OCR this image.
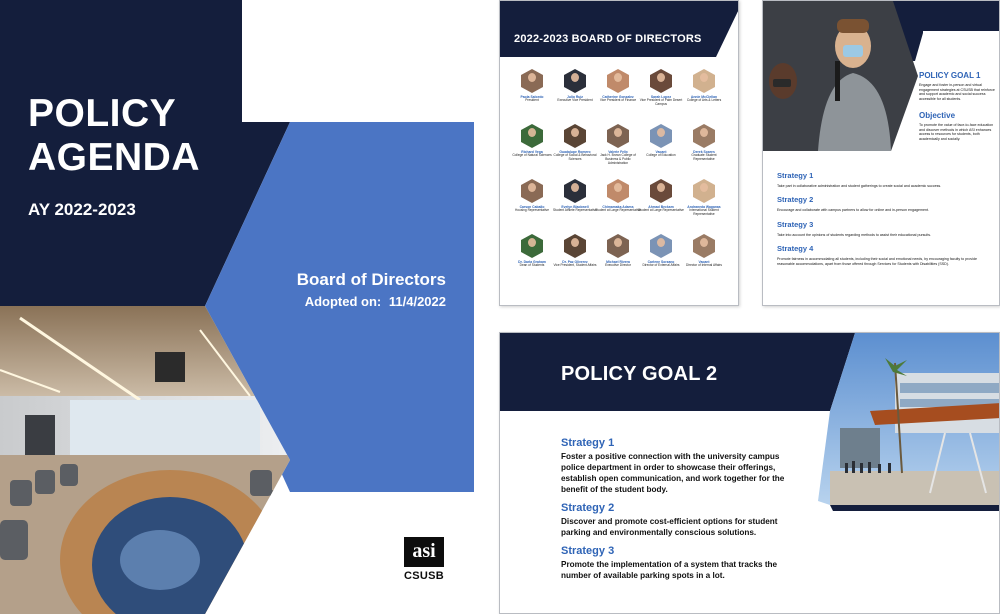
POLICY
AGENDA
AY 2022-2023
Board of Directors
Adopted on: 11/4/2022
asi
CSUSB
2022-2023 BOARD OF DIRECTORS
Paola Salcedo
President
Julio Ruiz
Executive Vice President
Catherine Gonzalez
Vice President of Finance
Sarah Lopez
Vice President of Palm Desert Campus
Annie McClellan
College of Arts & Letters
Richard Vega
College of Natural Sciences
Guadalupe Romero
College of Social & Behavioral Sciences
Valerie Felix
Jack H. Brown College of Business & Public Administration
Vacant
College of Education
Derek Soares
Graduate Student Representative
Carson Caballo
Housing Representative
Evelyn Blackwell
Student Athlete Representative
Chimamaka Adams
Student at Large Representative
Ahmad Beckam
Student at Large Representative
Andraneda Waganas
International Student Representative
Dr. Darla Graham
Dean of Students
Dr. Paz Oliverez
Vice President, Student Affairs
Michael Rivera
Executive Director
Carlene Sorzano
Director of External Affairs
Vacant
Director of Internal Affairs
POLICY GOAL 1
Engage and foster in-person and virtual engagement strategies at CSUSB that reinforce and support academic and social success accessible for all students.
Objective
To promote the value of face-to-face education and discover methods in which ASI enhances access to resources for students, both academically and socially.
Strategy 1
Take part in collaborative administration and student gatherings to create social and academic success.
Strategy 2
Encourage and collaborate with campus partners to allow for online and in-person engagement.
Strategy 3
Take into account the opinions of students regarding methods to assist their educational pursuits.
Strategy 4
Promote fairness in accommodating all students, including their social and emotional needs, by encouraging faculty to provide reasonable accommodations, apart from those offered through Services for Students with Disabilities (SSD).
POLICY GOAL 2
Strategy 1
Foster a positive connection with the university campus police department in order to showcase their offerings, establish open communication, and work together for the benefit of the student body.
Strategy 2
Discover and promote cost-efficient options for student parking and environmentally conscious solutions.
Strategy 3
Promote the implementation of a system that tracks the number of available parking spots in a lot.
